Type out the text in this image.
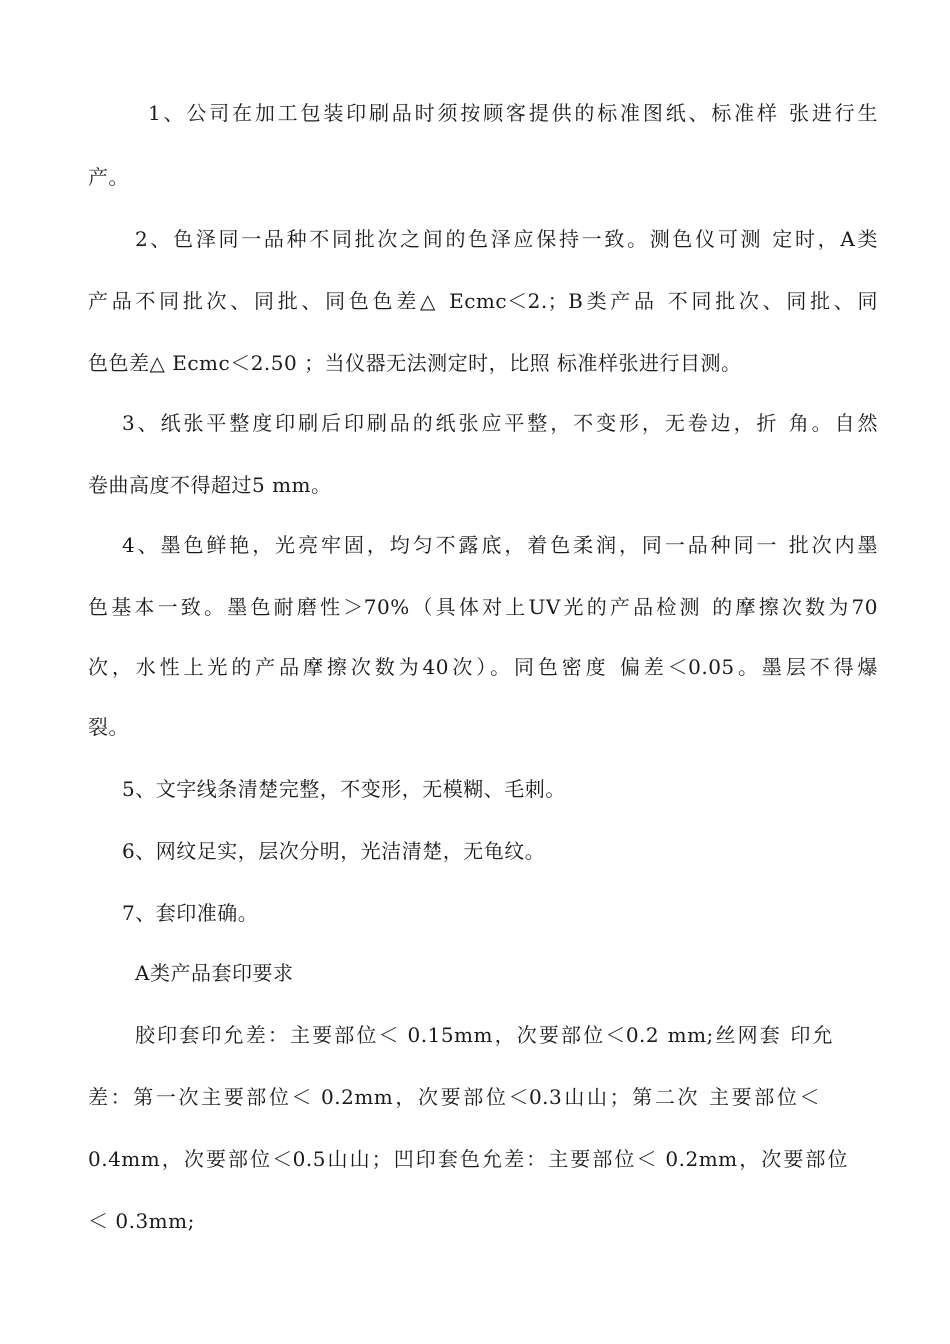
1、公司在加工包装印刷品时须按顾客提供的标准图纸、标准样 张进行生
产。
2、色泽同一品种不同批次之间的色泽应保持一致。测色仪可测 定时，A类
产品不同批次、同批、同色色差△ Ecmc＜2.；B类产品 不同批次、同批、同
色色差△ Ecmc＜2.50 ；当仪器无法测定时，比照 标准样张进行目测。
3、纸张平整度印刷后印刷品的纸张应平整，不变形，无卷边，折 角。自然
卷曲高度不得超过5 mm。
4、墨色鲜艳，光亮牢固，均匀不露底，着色柔润，同一品种同一 批次内墨
色基本一致。墨色耐磨性＞70%（具体对上UV光的产品检测 的摩擦次数为70
次，水性上光的产品摩擦次数为40次）。同色密度 偏差＜0.05。墨层不得爆
裂。
5、文字线条清楚完整，不变形，无模糊、毛刺。
6、网纹足实，层次分明，光洁清楚，无龟纹。
7、套印准确。
A类产品套印要求
胶印套印允差：主要部位＜ 0.15mm，次要部位＜0.2 mm;丝网套 印允
差：第一次主要部位＜ 0.2mm，次要部位＜0.3山山；第二次 主要部位＜
0.4mm，次要部位＜0.5山山；凹印套色允差：主要部位＜ 0.2mm，次要部位
＜ 0.3mm;
